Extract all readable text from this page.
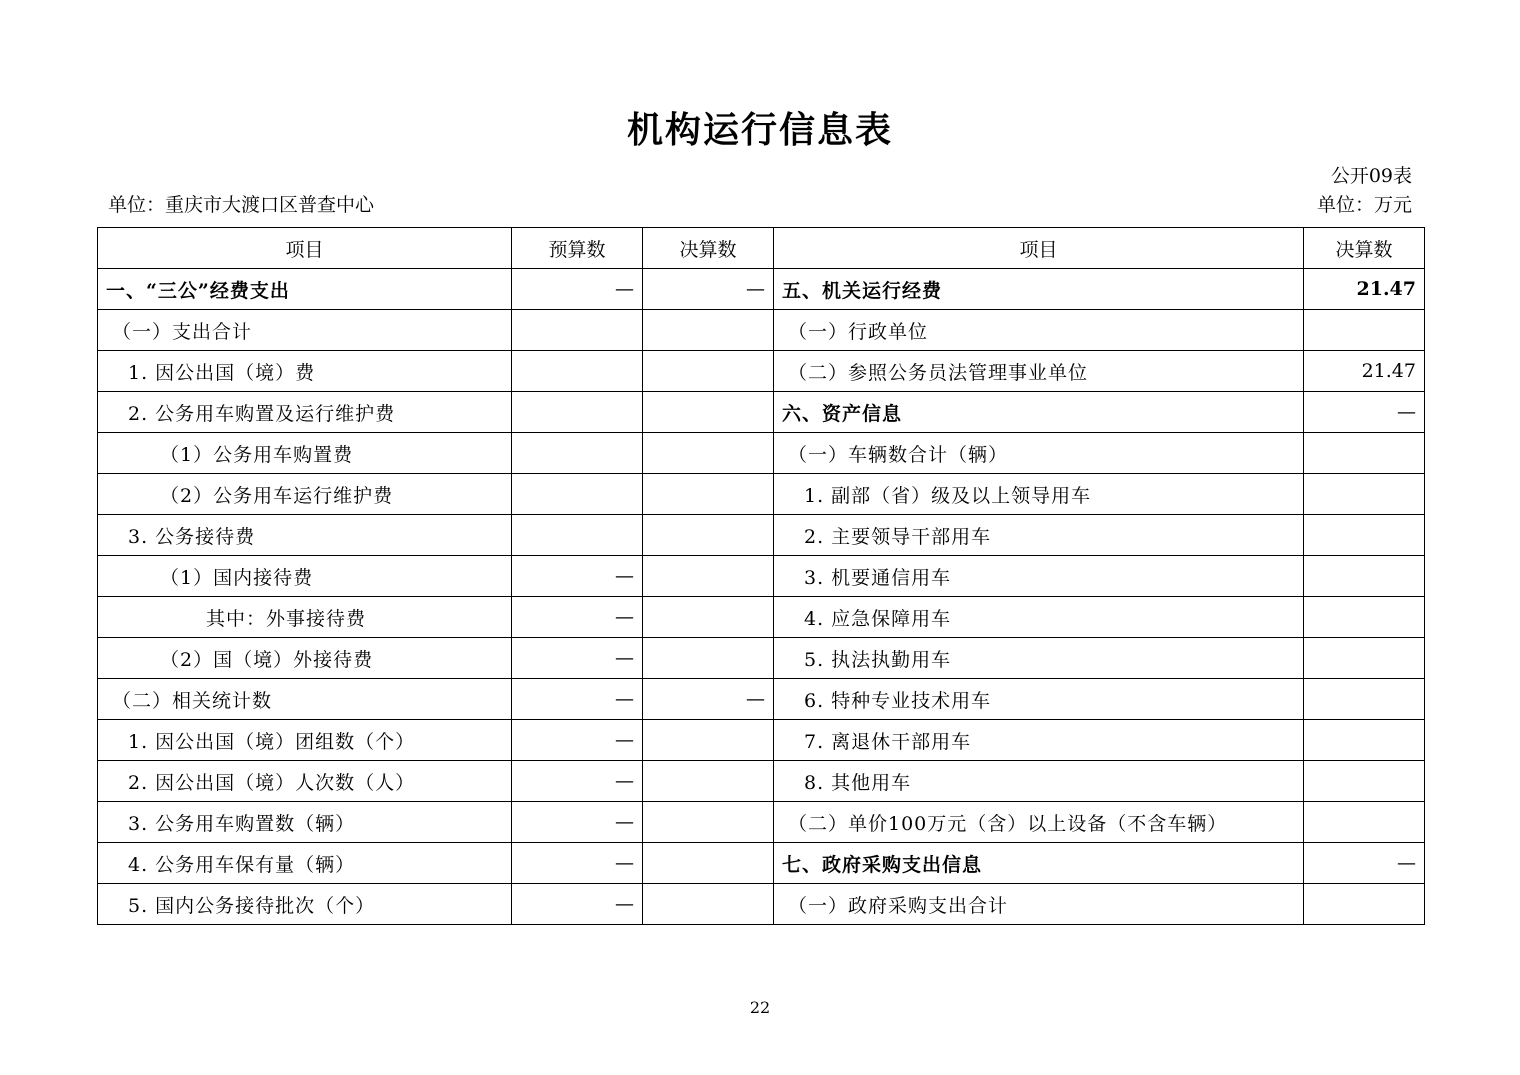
机构运行信息表
公开09表
单位：重庆市大渡口区普查中心	单位：万元
项目	预算数	决算数	项目	决算数
一、“三公”经费支出	—	—	五、机关运行经费	21.47
（一）支出合计			（一）行政单位	
1. 因公出国（境）费			（二）参照公务员法管理事业单位	21.47
2. 公务用车购置及运行维护费			六、资产信息	—
（1）公务用车购置费			（一）车辆数合计（辆）	
（2）公务用车运行维护费			1. 副部（省）级及以上领导用车	
3. 公务接待费			2. 主要领导干部用车	
（1）国内接待费	—		3. 机要通信用车	
其中：外事接待费	—		4. 应急保障用车	
（2）国（境）外接待费	—		5. 执法执勤用车	
（二）相关统计数	—	—	6. 特种专业技术用车	
1. 因公出国（境）团组数（个）	—		7. 离退休干部用车	
2. 因公出国（境）人次数（人）	—		8. 其他用车	
3. 公务用车购置数（辆）	—		（二）单价100万元（含）以上设备（不含车辆）	
4. 公务用车保有量（辆）	—		七、政府采购支出信息	—
5. 国内公务接待批次（个）	—		（一）政府采购支出合计	
22
